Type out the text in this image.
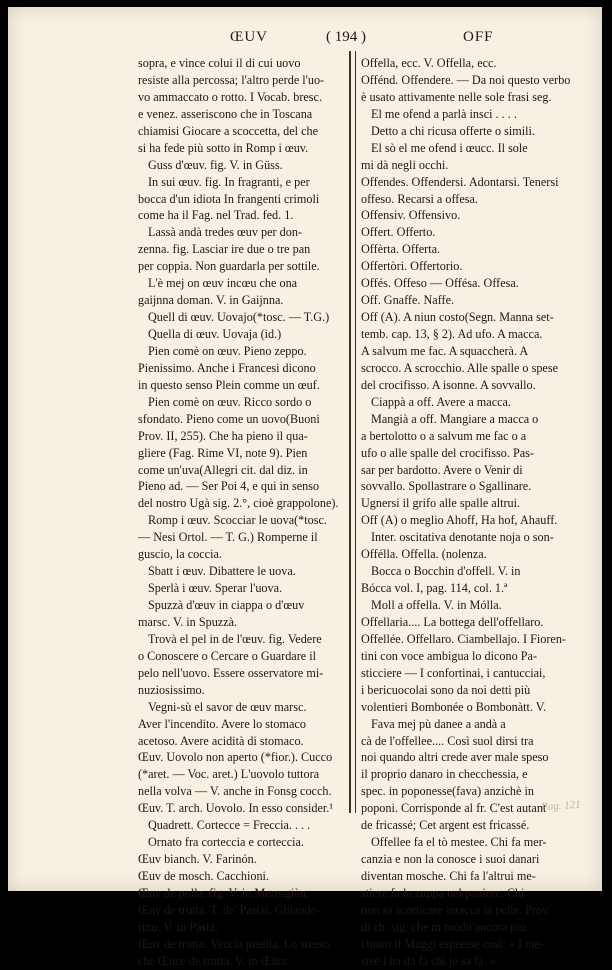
ŒUV	( 194 )	OFF
sopra, e vince colui il di cui uovo
resiste alla percossa; l'altro perde l'uo-
vo ammaccato o rotto. I Vocab. bresc.
e venez. asseriscono che in Toscana
chiamisi Giocare a scoccetta, del che
si ha fede più sotto in Romp i œuv.
Guss d'œuv. fig. V. in Güss.
In sui œuv. fig. In fragranti, e per
bocca d'un idiota In frangenti crimoli
come ha il Fag. nel Trad. fed. 1.
Lassà andà tredes œuv per don-
zenna. fig. Lasciar ire due o tre pan
per coppia. Non guardarla per sottile.
L'è mej on œuv incœu che ona
gaijnna doman. V. in Gaijnna.
Quell di œuv. Uovajo(*tosc. — T.G.)
Quella di œuv. Uovaja (id.)
Pien comè on œuv. Pieno zeppo.
Pienissimo. Anche i Francesi dicono
in questo senso Plein comme un œuf.
Pien comè on œuv. Ricco sordo o
sfondato. Pieno come un uovo(Buoni
Prov. II, 255). Che ha pieno il qua-
gliere (Fag. Rime VI, note 9). Pien
come un'uva(Allegri cit. dal diz. in
Pieno ad. — Ser Poi 4, e qui in senso
del nostro Ugà sig. 2.°, cioè grappolone).
Romp i œuv. Scocciar le uova(*tosc.
— Nesi Ortol. — T. G.) Romperne il
guscio, la coccia.
Sbatt i œuv. Dibattere le uova.
Sperlà i œuv. Sperar l'uova.
Spuzzà d'œuv in ciappa o d'œuv
marsc. V. in Spuzzà.
Trovà el pel in de l'œuv. fig. Vedere
o Conoscere o Cercare o Guardare il
pelo nell'uovo. Essere osservatore mi-
nuziosissimo.
Vegni-sù el savor de œuv marsc.
Aver l'incendito. Avere lo stomaco
acetoso. Avere acidità di stomaco.
Œuv. Uovolo non aperto (*fior.). Cucco
(*aret. — Voc. aret.) L'uovolo tuttora
nella volva — V. anche in Fonsg cocch.
Œuv. T. arch. Uovolo. In esso consider.¹
Quadrett. Cortecce = Freccia. . . .
Ornato fra corteccia e corteccia.
Œuv bianch. V. Farinón.
Œuv de mosch. Cacchioni.
Œuv de polla. fig. V. in Meresgiàn.
Œuv de trutta. T. de' Pastai. Ghiande-
rino. V. in Pàsta.
Œuv de trutta. Veccia pisella. Lo stesso
che Œuce de trutta. V. in Œücc.
Offella, ecc. V. Offella, ecc.
Offénd. Offendere. — Da noi questo verbo
è usato attivamente nelle sole frasi seg.
El me ofend a parlà insci . . . .
Detto a chi ricusa offerte o simili.
El sò el me ofend i œucc. Il sole
mi dà negli occhi.
Offendes. Offendersi. Adontarsi. Tenersi
offeso. Recarsi a offesa.
Offensiv. Offensivo.
Offert. Offerto.
Offèrta. Offerta.
Offertòri. Offertorio.
Offés. Offeso — Offésa. Offesa.
Off. Gnaffe. Naffe.
Off (A). A niun costo(Segn. Manna set-
temb. cap. 13, § 2). Ad ufo. A macca.
A salvum me fac. A squaccherà. A
scrocco. A scrocchio. Alle spalle o spese
del crocifisso. A isonne. A sovvallo.
Ciappà a off. Avere a macca.
Mangià a off. Mangiare a macca o
a bertolotto o a salvum me fac o a
ufo o alle spalle del crocifisso. Pas-
sar per bardotto. Avere o Venir di
sovvallo. Spollastrare o Sgallinare.
Ugnersi il grifo alle spalle altrui.
Off (A) o meglio Ahoff, Ha hof, Ahauff.
Inter. oscitativa denotante noja o son-
Offélla. Offella. (nolenza.
Bocca o Bocchin d'offell. V. in
Bócca vol. I, pag. 114, col. 1.ª
Moll a offella. V. in Mólla.
Offellaria.... La bottega dell'offellaro.
Offellée. Offellaro. Ciambellajo. I Fioren-
tini con voce ambigua lo dicono Pa-
sticciere — I confortinai, i cantucciai,
i bericuocolai sono da noi detti più
volentieri Bombonée o Bombonàtt. V.
Fava mej pù danee a andà a
cà de l'offellee.... Così suol dirsi tra
noi quando altri crede aver male speso
il proprio danaro in checchessia, e
spec. in poponesse(fava) anzichè in
poponi. Corrisponde al fr. C'est autant
de fricassé; Cet argent est fricassé.
Offellee fa el tò mestee. Chi fa mer-
canzia e non la conosce i suoi danari
diventan mosche. Chi fa l'altrui me-
stiere fa la zuppa nel paniere. Chi
non sa scorticare intacca la pelle. Prov.
di ch. sig. che in modo ancora più
chiaro il Maggi espresse così: « I me-
stee i ha da fà chi je sa fà. »
Pag. 121
